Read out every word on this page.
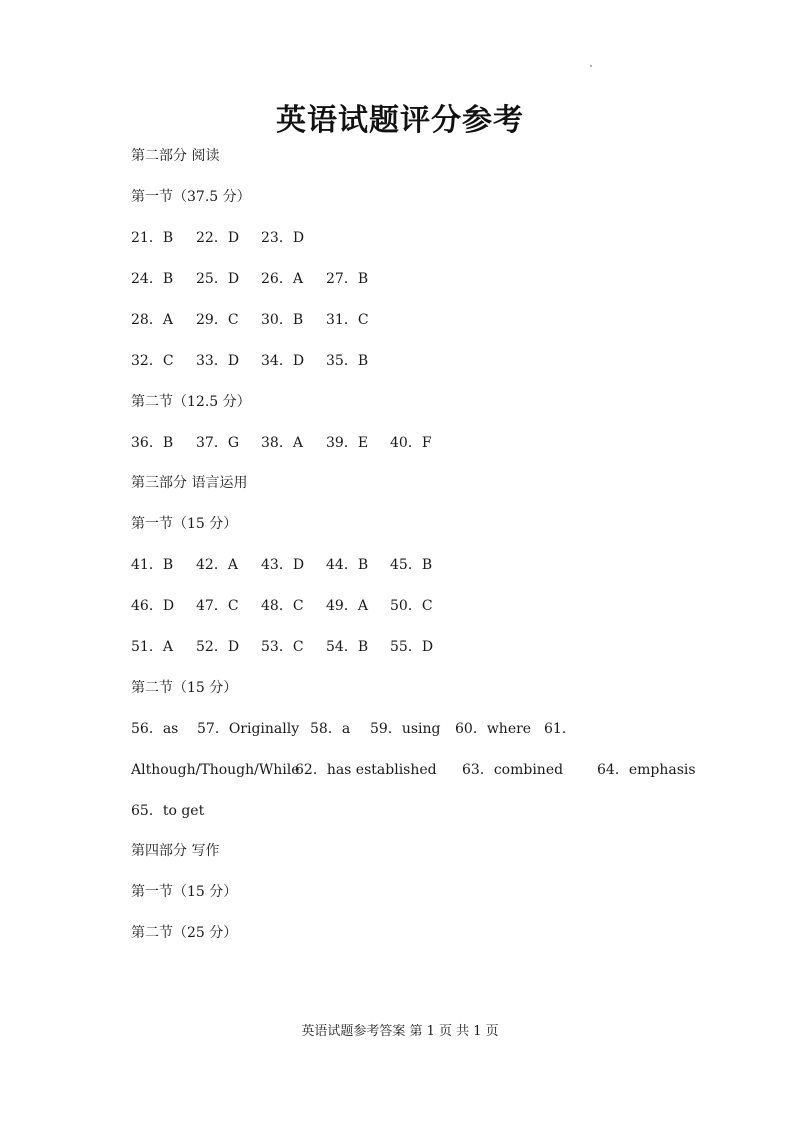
英语试题评分参考
第二部分 阅读
第一节（37.5 分）
21．B 22．D 23．D
24．B 25．D 26．A 27．B
28．A 29．C 30．B 31．C
32．C 33．D 34．D 35．B
第二节（12.5 分）
36．B 37．G 38．A 39．E 40．F
第三部分 语言运用
第一节（15 分）
41．B 42．A 43．D 44．B 45．B
46．D 47．C 48．C 49．A 50．C
51．A 52．D 53．C 54．B 55．D
第二节（15 分）
56．as 57．Originally 58．a 59．using 60．where 61．
Although/Though/While
62．has established 63．combined 64．emphasis
65．to get
第四部分 写作
第一节（15 分）
第二节（25 分）
英语试题参考答案 第 1 页 共 1 页
